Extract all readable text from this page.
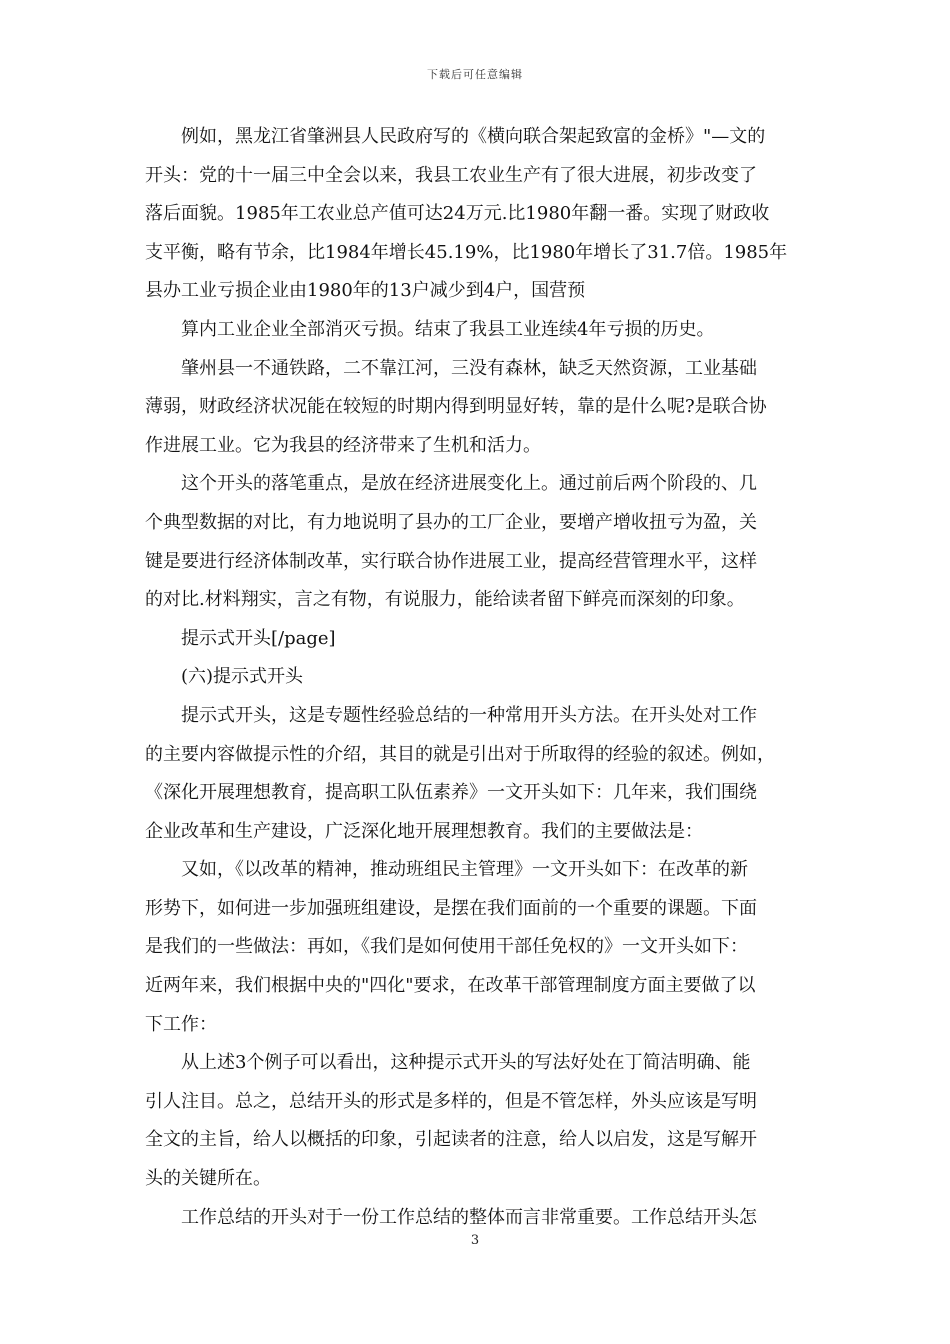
下载后可任意编辑

　　例如，黑龙江省肇洲县人民政府写的《横向联合架起致富的金桥》"—文的
开头：党的十一届三中全会以来，我县工农业生产有了很大进展，初步改变了
落后面貌。1985年工农业总产值可达24万元.比1980年翻一番。实现了财政收
支平衡，略有节余，比1984年增长45.19%，比1980年增长了31.7倍。1985年
县办工业亏损企业由1980年的13户减少到4户，国营预

　　算内工业企业全部消灭亏损。结束了我县工业连续4年亏损的历史。

　　肇州县一不通铁路，二不靠江河，三没有森林，缺乏天然资源，工业基础
薄弱，财政经济状况能在较短的时期内得到明显好转，靠的是什么呢?是联合协
作进展工业。它为我县的经济带来了生机和活力。

　　这个开头的落笔重点，是放在经济进展变化上。通过前后两个阶段的、几
个典型数据的对比，有力地说明了县办的工厂企业，要增产增收扭亏为盈，关
键是要进行经济体制改革，实行联合协作进展工业，提高经营管理水平，这样
的对比.材料翔实，言之有物，有说服力，能给读者留下鲜亮而深刻的印象。

　　提示式开头[/page]

　　(六)提示式开头

　　提示式开头，这是专题性经验总结的一种常用开头方法。在开头处对工作
的主要内容做提示性的介绍，其目的就是引出对于所取得的经验的叙述。例如，
《深化开展理想教育，提高职工队伍素养》一文开头如下：几年来，我们围绕
企业改革和生产建设，广泛深化地开展理想教育。我们的主要做法是：

　　又如，《以改革的精神，推动班组民主管理》一文开头如下：在改革的新
形势下，如何进一步加强班组建设，是摆在我们面前的一个重要的课题。下面
是我们的一些做法：再如，《我们是如何使用干部任免权的》一文开头如下：
近两年来，我们根据中央的"四化"要求，在改革干部管理制度方面主要做了以
下工作：

　　从上述3个例子可以看出，这种提示式开头的写法好处在丁简洁明确、能
引人注目。总之，总结开头的形式是多样的，但是不管怎样，外头应该是写明
全文的主旨，给人以概括的印象，引起读者的注意，给人以启发，这是写解开
头的关键所在。

　　工作总结的开头对于一份工作总结的整体而言非常重要。工作总结开头怎

3
